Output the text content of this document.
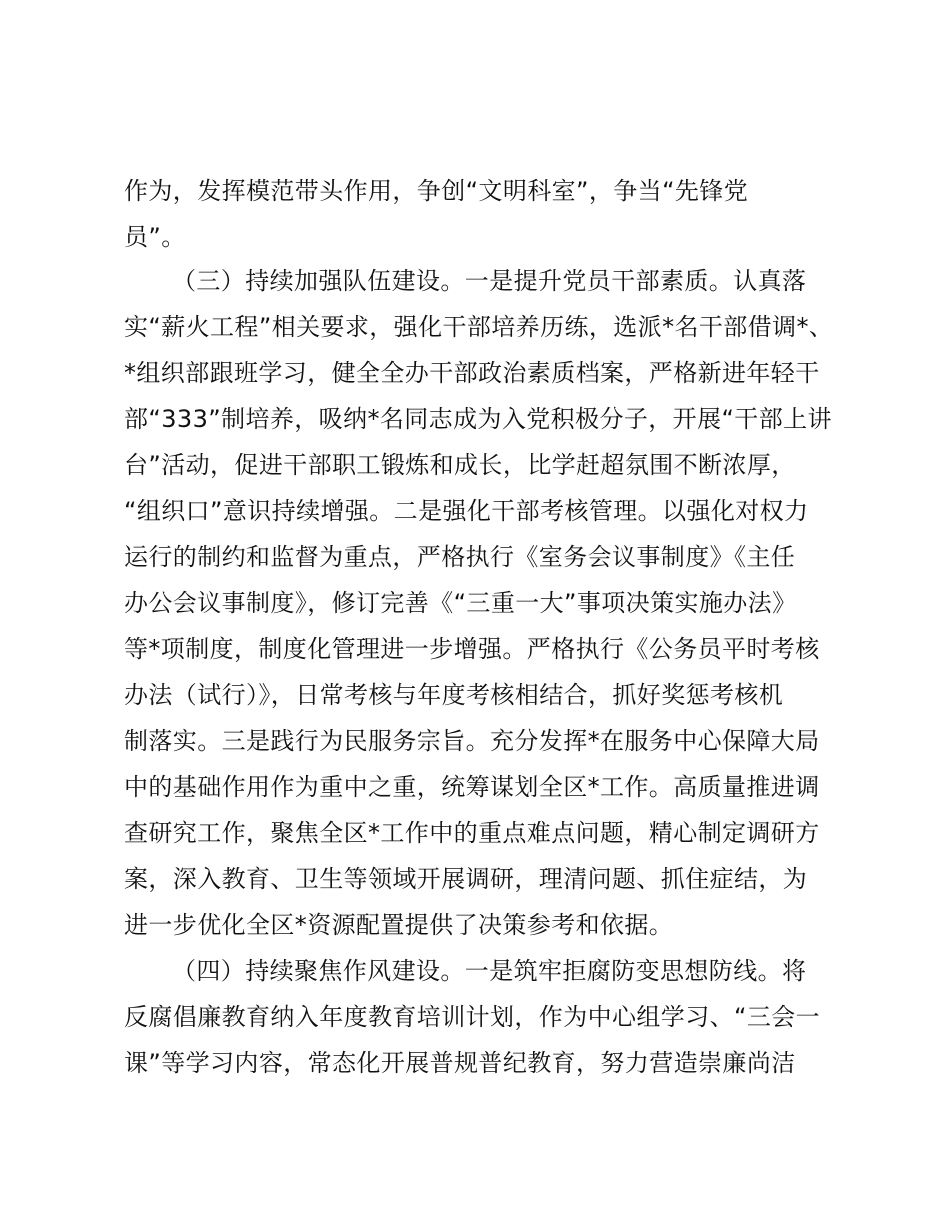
作为，发挥模范带头作用，争创“文明科室”，争当“先锋党
员”。
（三）持续加强队伍建设。一是提升党员干部素质。认真落
实“薪火工程”相关要求，强化干部培养历练，选派*名干部借调*、
*组织部跟班学习，健全全办干部政治素质档案，严格新进年轻干
部“333”制培养，吸纳*名同志成为入党积极分子，开展“干部上讲
台”活动，促进干部职工锻炼和成长，比学赶超氛围不断浓厚，
“组织口”意识持续增强。二是强化干部考核管理。以强化对权力
运行的制约和监督为重点，严格执行《室务会议事制度》《主任
办公会议事制度》，修订完善《“三重一大”事项决策实施办法》
等*项制度，制度化管理进一步增强。严格执行《公务员平时考核
办法（试行）》，日常考核与年度考核相结合，抓好奖惩考核机
制落实。三是践行为民服务宗旨。充分发挥*在服务中心保障大局
中的基础作用作为重中之重，统筹谋划全区*工作。高质量推进调
查研究工作，聚焦全区*工作中的重点难点问题，精心制定调研方
案，深入教育、卫生等领域开展调研，理清问题、抓住症结，为
进一步优化全区*资源配置提供了决策参考和依据。
（四）持续聚焦作风建设。一是筑牢拒腐防变思想防线。将
反腐倡廉教育纳入年度教育培训计划，作为中心组学习、“三会一
课”等学习内容，常态化开展普规普纪教育，努力营造崇廉尚洁
